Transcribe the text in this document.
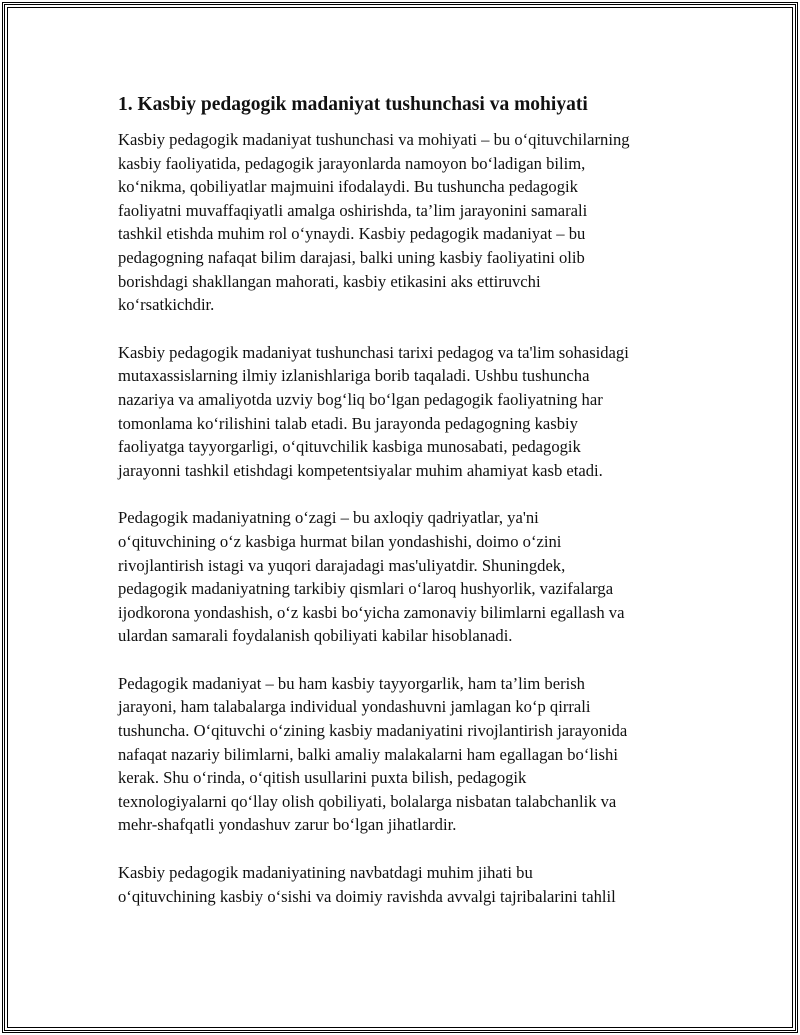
1. Kasbiy pedagogik madaniyat tushunchasi va mohiyati

Kasbiy pedagogik madaniyat tushunchasi va mohiyati – bu o‘qituvchilarning
kasbiy faoliyatida, pedagogik jarayonlarda namoyon bo‘ladigan bilim,
ko‘nikma, qobiliyatlar majmuini ifodalaydi. Bu tushuncha pedagogik
faoliyatni muvaffaqiyatli amalga oshirishda, ta’lim jarayonini samarali
tashkil etishda muhim rol o‘ynaydi. Kasbiy pedagogik madaniyat – bu
pedagogning nafaqat bilim darajasi, balki uning kasbiy faoliyatini olib
borishdagi shakllangan mahorati, kasbiy etikasini aks ettiruvchi
ko‘rsatkichdir.

Kasbiy pedagogik madaniyat tushunchasi tarixi pedagog va ta'lim sohasidagi
mutaxassislarning ilmiy izlanishlariga borib taqaladi. Ushbu tushuncha
nazariya va amaliyotda uzviy bog‘liq bo‘lgan pedagogik faoliyatning har
tomonlama ko‘rilishini talab etadi. Bu jarayonda pedagogning kasbiy
faoliyatga tayyorgarligi, o‘qituvchilik kasbiga munosabati, pedagogik
jarayonni tashkil etishdagi kompetentsiyalar muhim ahamiyat kasb etadi.

Pedagogik madaniyatning o‘zagi – bu axloqiy qadriyatlar, ya'ni
o‘qituvchining o‘z kasbiga hurmat bilan yondashishi, doimo o‘zini
rivojlantirish istagi va yuqori darajadagi mas'uliyatdir. Shuningdek,
pedagogik madaniyatning tarkibiy qismlari o‘laroq hushyorlik, vazifalarga
ijodkorona yondashish, o‘z kasbi bo‘yicha zamonaviy bilimlarni egallash va
ulardan samarali foydalanish qobiliyati kabilar hisoblanadi.

Pedagogik madaniyat – bu ham kasbiy tayyorgarlik, ham ta’lim berish
jarayoni, ham talabalarga individual yondashuvni jamlagan ko‘p qirrali
tushuncha. O‘qituvchi o‘zining kasbiy madaniyatini rivojlantirish jarayonida
nafaqat nazariy bilimlarni, balki amaliy malakalarni ham egallagan bo‘lishi
kerak. Shu o‘rinda, o‘qitish usullarini puxta bilish, pedagogik
texnologiyalarni qo‘llay olish qobiliyati, bolalarga nisbatan talabchanlik va
mehr-shafqatli yondashuv zarur bo‘lgan jihatlardir.

Kasbiy pedagogik madaniyatining navbatdagi muhim jihati bu
o‘qituvchining kasbiy o‘sishi va doimiy ravishda avvalgi tajribalarini tahlil
